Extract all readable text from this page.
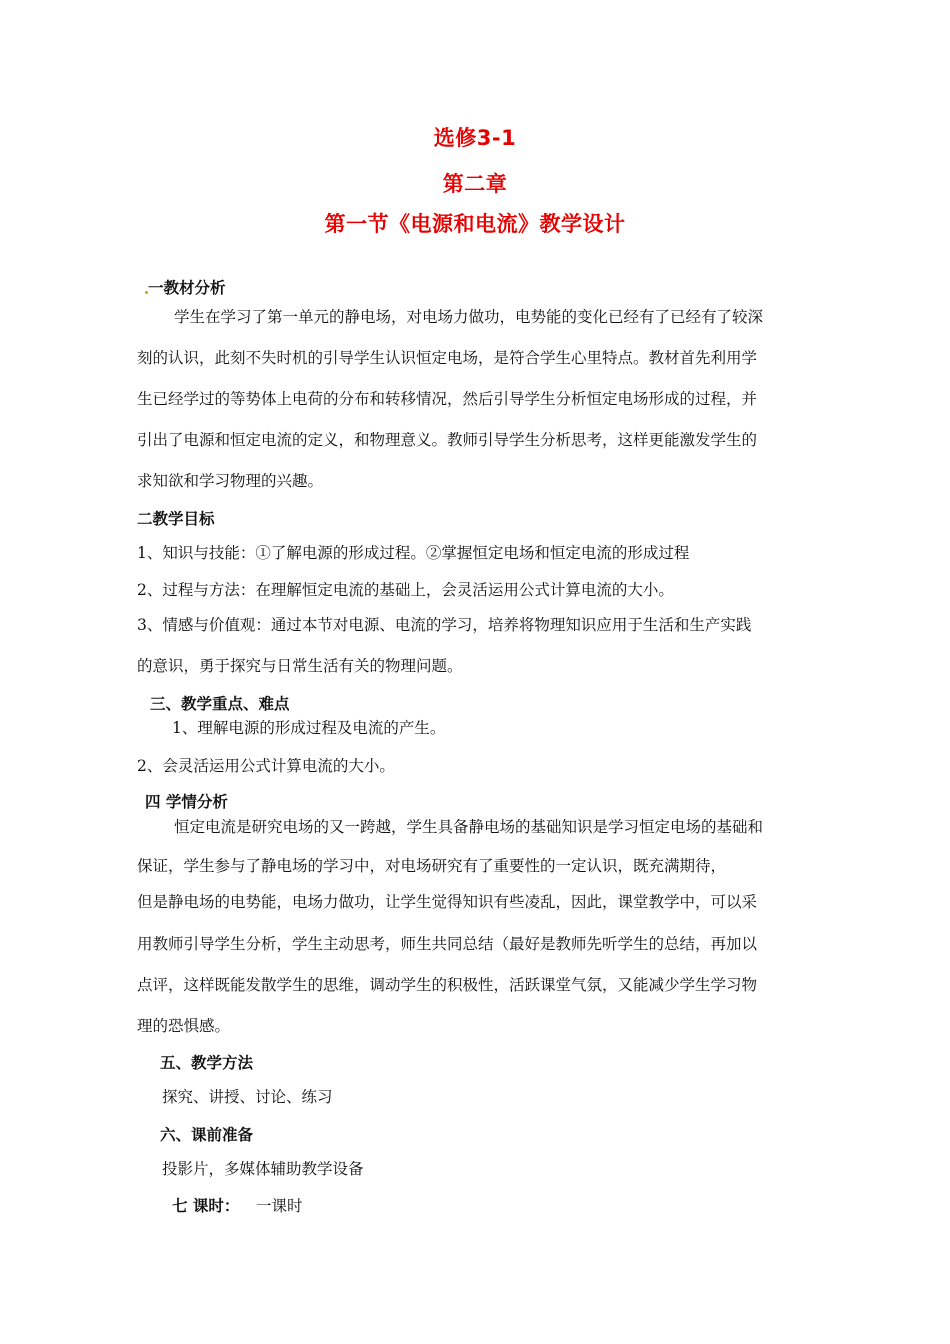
选修3-1
第二章
第一节《电源和电流》教学设计
一教材分析
学生在学习了第一单元的静电场，对电场力做功，电势能的变化已经有了已经有了较深
刻的认识，此刻不失时机的引导学生认识恒定电场，是符合学生心里特点。教材首先利用学
生已经学过的等势体上电荷的分布和转移情况，然后引导学生分析恒定电场形成的过程，并
引出了电源和恒定电流的定义，和物理意义。教师引导学生分析思考，这样更能激发学生的
求知欲和学习物理的兴趣。
二教学目标
1、知识与技能：①了解电源的形成过程。②掌握恒定电场和恒定电流的形成过程
2、过程与方法：在理解恒定电流的基础上，会灵活运用公式计算电流的大小。
3、情感与价值观：通过本节对电源、电流的学习，培养将物理知识应用于生活和生产实践
的意识，勇于探究与日常生活有关的物理问题。
三、教学重点、难点
1、理解电源的形成过程及电流的产生。
2、会灵活运用公式计算电流的大小。
四 学情分析
恒定电流是研究电场的又一跨越，学生具备静电场的基础知识是学习恒定电场的基础和
保证，学生参与了静电场的学习中，对电场研究有了重要性的一定认识，既充满期待，
但是静电场的电势能，电场力做功，让学生觉得知识有些凌乱，因此，课堂教学中，可以采
用教师引导学生分析，学生主动思考，师生共同总结（最好是教师先听学生的总结，再加以
点评，这样既能发散学生的思维，调动学生的积极性，活跃课堂气氛，又能减少学生学习物
理的恐惧感。
五、教学方法
探究、讲授、讨论、练习
六、课前准备
投影片，多媒体辅助教学设备
七 课时： 一课时
